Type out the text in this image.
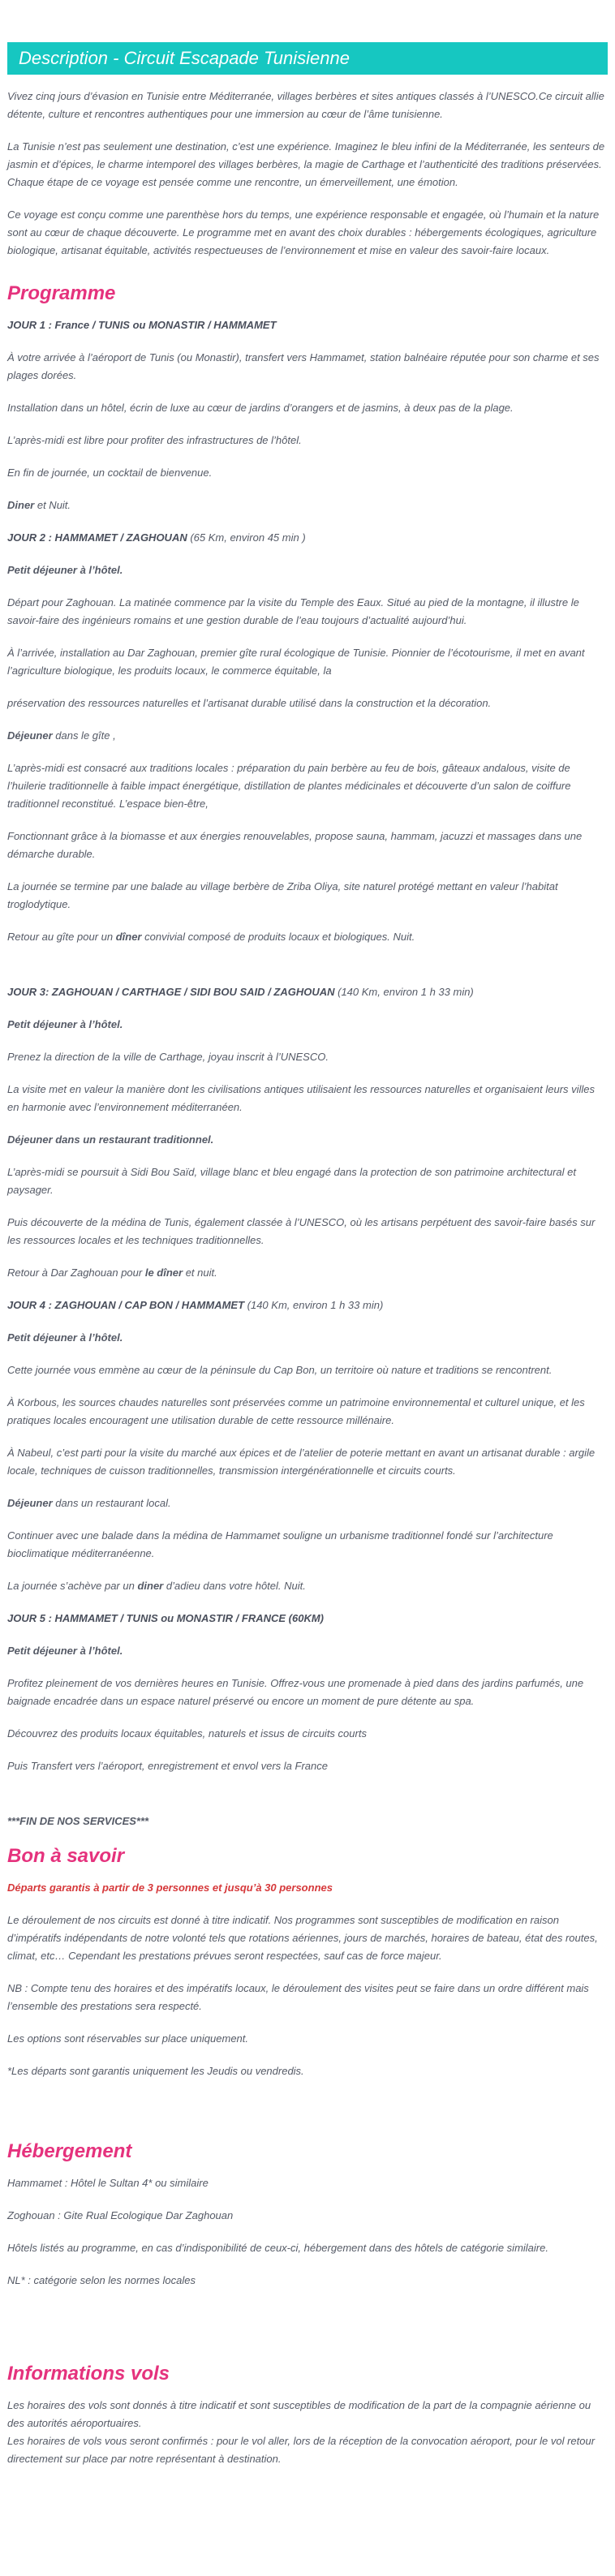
Description - Circuit Escapade Tunisienne

Vivez cinq jours d’évasion en Tunisie entre Méditerranée, villages berbères et sites antiques classés à l’UNESCO.Ce circuit allie détente, culture et rencontres authentiques pour une immersion au cœur de l’âme tunisienne.

La Tunisie n’est pas seulement une destination, c’est une expérience. Imaginez le bleu infini de la Méditerranée, les senteurs de jasmin et d’épices, le charme intemporel des villages berbères, la magie de Carthage et l’authenticité des traditions préservées. Chaque étape de ce voyage est pensée comme une rencontre, un émerveillement, une émotion.

Ce voyage est conçu comme une parenthèse hors du temps, une expérience responsable et engagée, où l’humain et la nature sont au cœur de chaque découverte. Le programme met en avant des choix durables : hébergements écologiques, agriculture biologique, artisanat équitable, activités respectueuses de l’environnement et mise en valeur des savoir-faire locaux.

Programme

JOUR 1 : France / TUNIS ou MONASTIR / HAMMAMET

À votre arrivée à l’aéroport de Tunis (ou Monastir), transfert vers Hammamet, station balnéaire réputée pour son charme et ses plages dorées.

Installation dans un hôtel, écrin de luxe au cœur de jardins d’orangers et de jasmins, à deux pas de la plage.

L’après-midi est libre pour profiter des infrastructures de l’hôtel.

En fin de journée, un cocktail de bienvenue.

Diner et Nuit.

JOUR 2 : HAMMAMET / ZAGHOUAN (65 Km, environ 45 min )

Petit déjeuner à l’hôtel.

Départ pour Zaghouan. La matinée commence par la visite du Temple des Eaux. Situé au pied de la montagne, il illustre le savoir-faire des ingénieurs romains et une gestion durable de l’eau toujours d’actualité aujourd’hui.

À l’arrivée, installation au Dar Zaghouan, premier gîte rural écologique de Tunisie. Pionnier de l’écotourisme, il met en avant l’agriculture biologique, les produits locaux, le commerce équitable, la

préservation des ressources naturelles et l’artisanat durable utilisé dans la construction et la décoration.

Déjeuner dans le gîte ,

L’après-midi est consacré aux traditions locales : préparation du pain berbère au feu de bois, gâteaux andalous, visite de l’huilerie traditionnelle à faible impact énergétique, distillation de plantes médicinales et découverte d’un salon de coiffure traditionnel reconstitué. L’espace bien-être,

Fonctionnant grâce à la biomasse et aux énergies renouvelables, propose sauna, hammam, jacuzzi et massages dans une démarche durable.

La journée se termine par une balade au village berbère de Zriba Oliya, site naturel protégé mettant en valeur l’habitat troglodytique.

Retour au gîte pour un dîner convivial composé de produits locaux et biologiques. Nuit.

JOUR 3: ZAGHOUAN / CARTHAGE / SIDI BOU SAID / ZAGHOUAN (140 Km, environ 1 h 33 min)

Petit déjeuner à l’hôtel.

Prenez la direction de la ville de Carthage, joyau inscrit à l’UNESCO.

La visite met en valeur la manière dont les civilisations antiques utilisaient les ressources naturelles et organisaient leurs villes en harmonie avec l’environnement méditerranéen.

Déjeuner dans un restaurant traditionnel.

L’après-midi se poursuit à Sidi Bou Saïd, village blanc et bleu engagé dans la protection de son patrimoine architectural et paysager.

Puis découverte de la médina de Tunis, également classée à l’UNESCO, où les artisans perpétuent des savoir-faire basés sur les ressources locales et les techniques traditionnelles.

Retour à Dar Zaghouan pour le dîner et nuit.

JOUR 4 : ZAGHOUAN / CAP BON / HAMMAMET (140 Km, environ 1 h 33 min)

Petit déjeuner à l’hôtel.

Cette journée vous emmène au cœur de la péninsule du Cap Bon, un territoire où nature et traditions se rencontrent.

À Korbous, les sources chaudes naturelles sont préservées comme un patrimoine environnemental et culturel unique, et les pratiques locales encouragent une utilisation durable de cette ressource millénaire.

À Nabeul, c’est parti pour la visite du marché aux épices et de l’atelier de poterie mettant en avant un artisanat durable : argile locale, techniques de cuisson traditionnelles, transmission intergénérationnelle et circuits courts.

Déjeuner dans un restaurant local.

Continuer avec une balade dans la médina de Hammamet souligne un urbanisme traditionnel fondé sur l’architecture bioclimatique méditerranéenne.

La journée s’achève par un diner d’adieu dans votre hôtel. Nuit.

JOUR 5 : HAMMAMET / TUNIS ou MONASTIR / FRANCE (60KM)

Petit déjeuner à l’hôtel.

Profitez pleinement de vos dernières heures en Tunisie. Offrez-vous une promenade à pied dans des jardins parfumés, une baignade encadrée dans un espace naturel préservé ou encore un moment de pure détente au spa.

Découvrez des produits locaux équitables, naturels et issus de circuits courts

Puis Transfert vers l’aéroport, enregistrement et envol vers la France

***FIN DE NOS SERVICES***

Bon à savoir

Départs garantis à partir de 3 personnes et jusqu’à 30 personnes

Le déroulement de nos circuits est donné à titre indicatif. Nos programmes sont susceptibles de modification en raison d’impératifs indépendants de notre volonté tels que rotations aériennes, jours de marchés, horaires de bateau, état des routes, climat, etc… Cependant les prestations prévues seront respectées, sauf cas de force majeur.

NB : Compte tenu des horaires et des impératifs locaux, le déroulement des visites peut se faire dans un ordre différent mais l’ensemble des prestations sera respecté.

Les options sont réservables sur place uniquement.

*Les départs sont garantis uniquement les Jeudis ou vendredis.

Hébergement

Hammamet : Hôtel le Sultan 4* ou similaire

Zoghouan : Gite Rual Ecologique Dar Zaghouan

Hôtels listés au programme, en cas d’indisponibilité de ceux-ci, hébergement dans des hôtels de catégorie similaire.

NL* : catégorie selon les normes locales

Informations vols

Les horaires des vols sont donnés à titre indicatif et sont susceptibles de modification de la part de la compagnie aérienne ou des autorités aéroportuaires.
Les horaires de vols vous seront confirmés : pour le vol aller, lors de la réception de la convocation aéroport, pour le vol retour directement sur place par notre représentant à destination.
